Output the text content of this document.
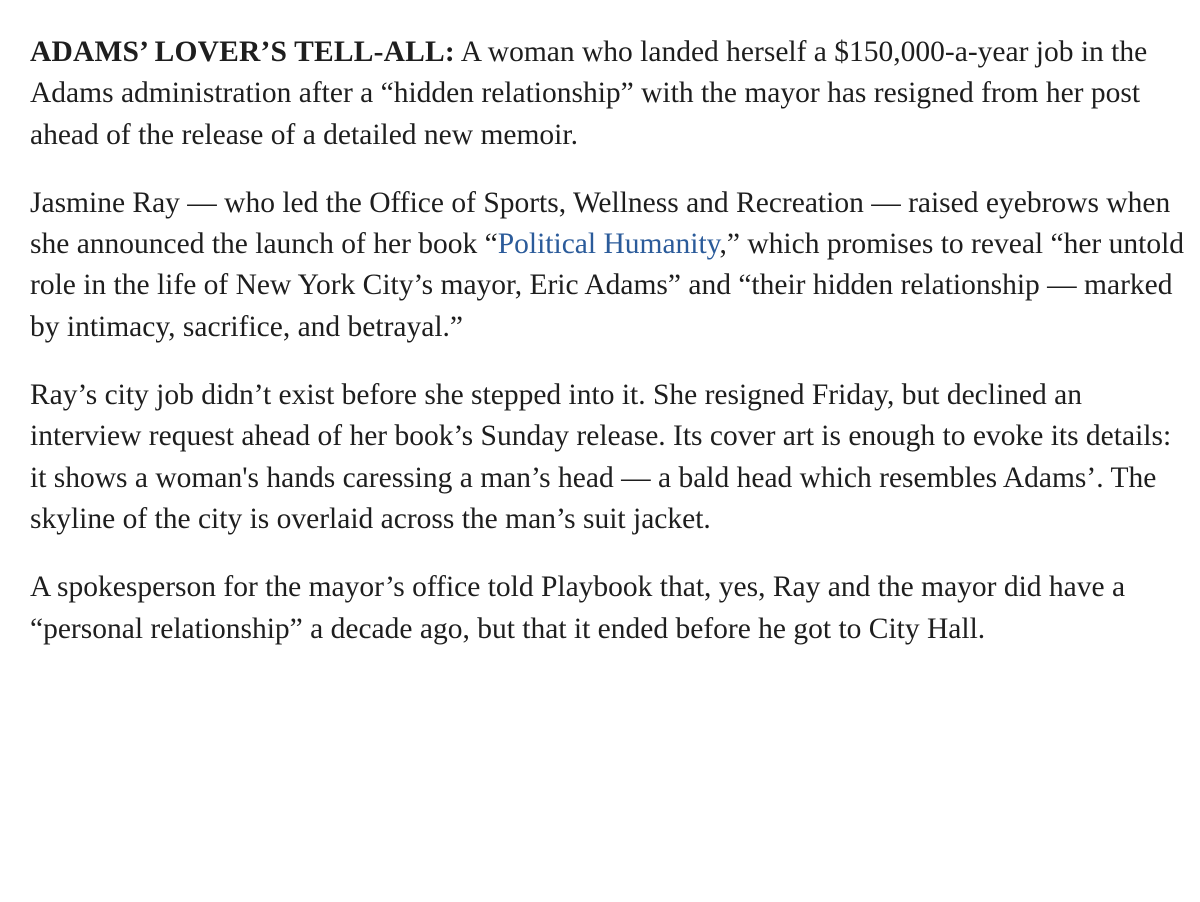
ADAMS’ LOVER’S TELL-ALL: A woman who landed herself a $150,000-a-year job in the Adams administration after a “hidden relationship” with the mayor has resigned from her post ahead of the release of a detailed new memoir.

Jasmine Ray — who led the Office of Sports, Wellness and Recreation — raised eyebrows when she announced the launch of her book “Political Humanity,” which promises to reveal “her untold role in the life of New York City’s mayor, Eric Adams” and “their hidden relationship — marked by intimacy, sacrifice, and betrayal.”

Ray’s city job didn’t exist before she stepped into it. She resigned Friday, but declined an interview request ahead of her book’s Sunday release. Its cover art is enough to evoke its details: it shows a woman's hands caressing a man’s head — a bald head which resembles Adams’. The skyline of the city is overlaid across the man’s suit jacket.

A spokesperson for the mayor’s office told Playbook that, yes, Ray and the mayor did have a “personal relationship” a decade ago, but that it ended before he got to City Hall.
